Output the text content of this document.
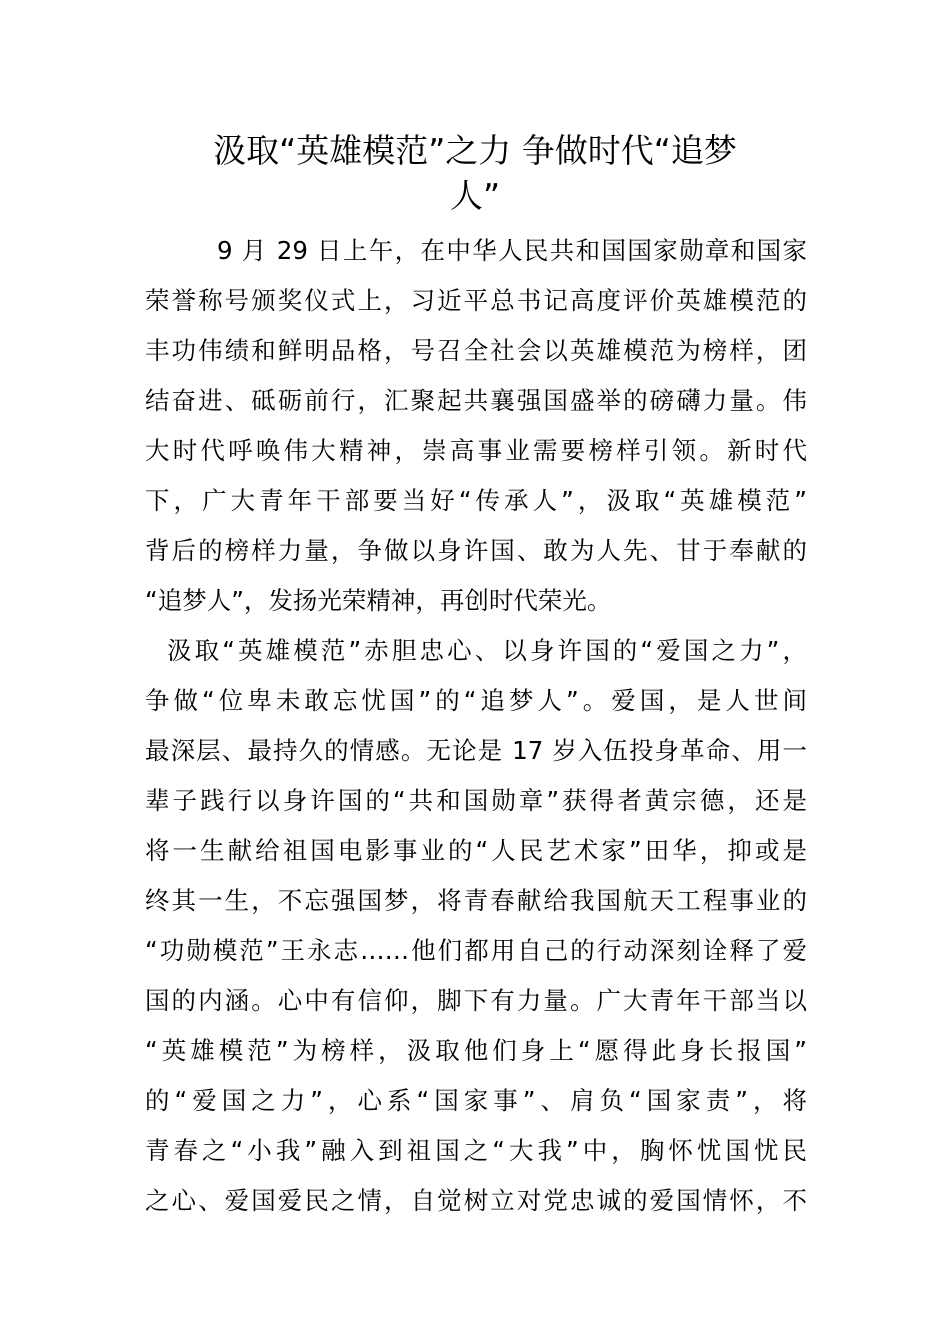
汲取“英雄模范”之力 争做时代“追梦
人”
9 月 29 日上午，在中华人民共和国国家勋章和国家
荣誉称号颁奖仪式上，习近平总书记高度评价英雄模范的
丰功伟绩和鲜明品格，号召全社会以英雄模范为榜样，团
结奋进、砥砺前行，汇聚起共襄强国盛举的磅礴力量。伟
大时代呼唤伟大精神，崇高事业需要榜样引领。新时代
下，广大青年干部要当好“传承人”，汲取“英雄模范”
背后的榜样力量，争做以身许国、敢为人先、甘于奉献的
“追梦人”，发扬光荣精神，再创时代荣光。
汲取“英雄模范”赤胆忠心、以身许国的“爱国之力”，
争做“位卑未敢忘忧国”的“追梦人”。爱国，是人世间
最深层、最持久的情感。无论是 17 岁入伍投身革命、用一
辈子践行以身许国的“共和国勋章”获得者黄宗德，还是
将一生献给祖国电影事业的“人民艺术家”田华，抑或是
终其一生，不忘强国梦，将青春献给我国航天工程事业的
“功勋模范”王永志……他们都用自己的行动深刻诠释了爱
国的内涵。心中有信仰，脚下有力量。广大青年干部当以
“英雄模范”为榜样，汲取他们身上“愿得此身长报国”
的“爱国之力”，心系“国家事”、肩负“国家责”，将
青春之“小我”融入到祖国之“大我”中，胸怀忧国忧民
之心、爱国爱民之情，自觉树立对党忠诚的爱国情怀，不
